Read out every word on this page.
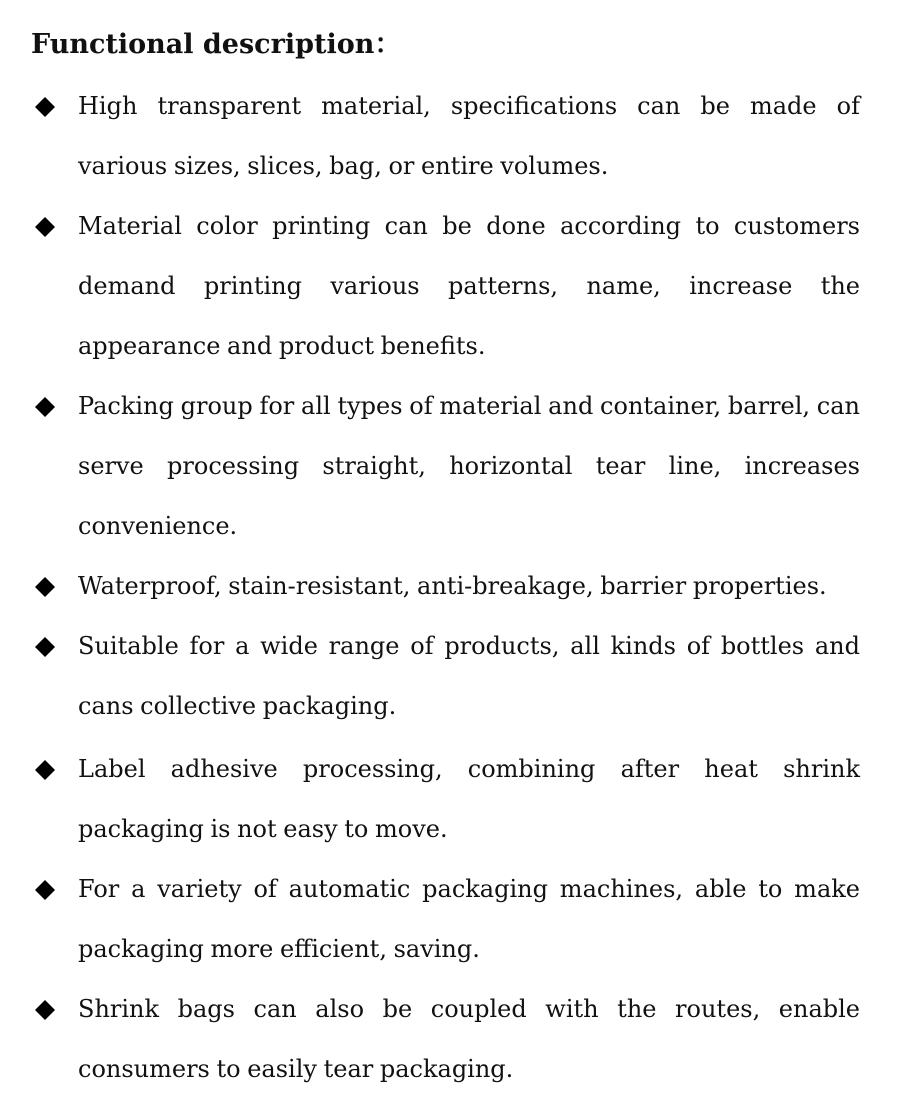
Functional description：
High transparent material, specifications can be made of various sizes, slices, bag, or entire volumes.
Material color printing can be done according to customers demand printing various patterns, name, increase the appearance and product benefits.
Packing group for all types of material and container, barrel, can serve processing straight, horizontal tear line, increases convenience.
Waterproof, stain-resistant, anti-breakage, barrier properties.
Suitable for a wide range of products, all kinds of bottles and cans collective packaging.
Label adhesive processing, combining after heat shrink packaging is not easy to move.
For a variety of automatic packaging machines, able to make packaging more efficient, saving.
Shrink bags can also be coupled with the routes, enable consumers to easily tear packaging.
